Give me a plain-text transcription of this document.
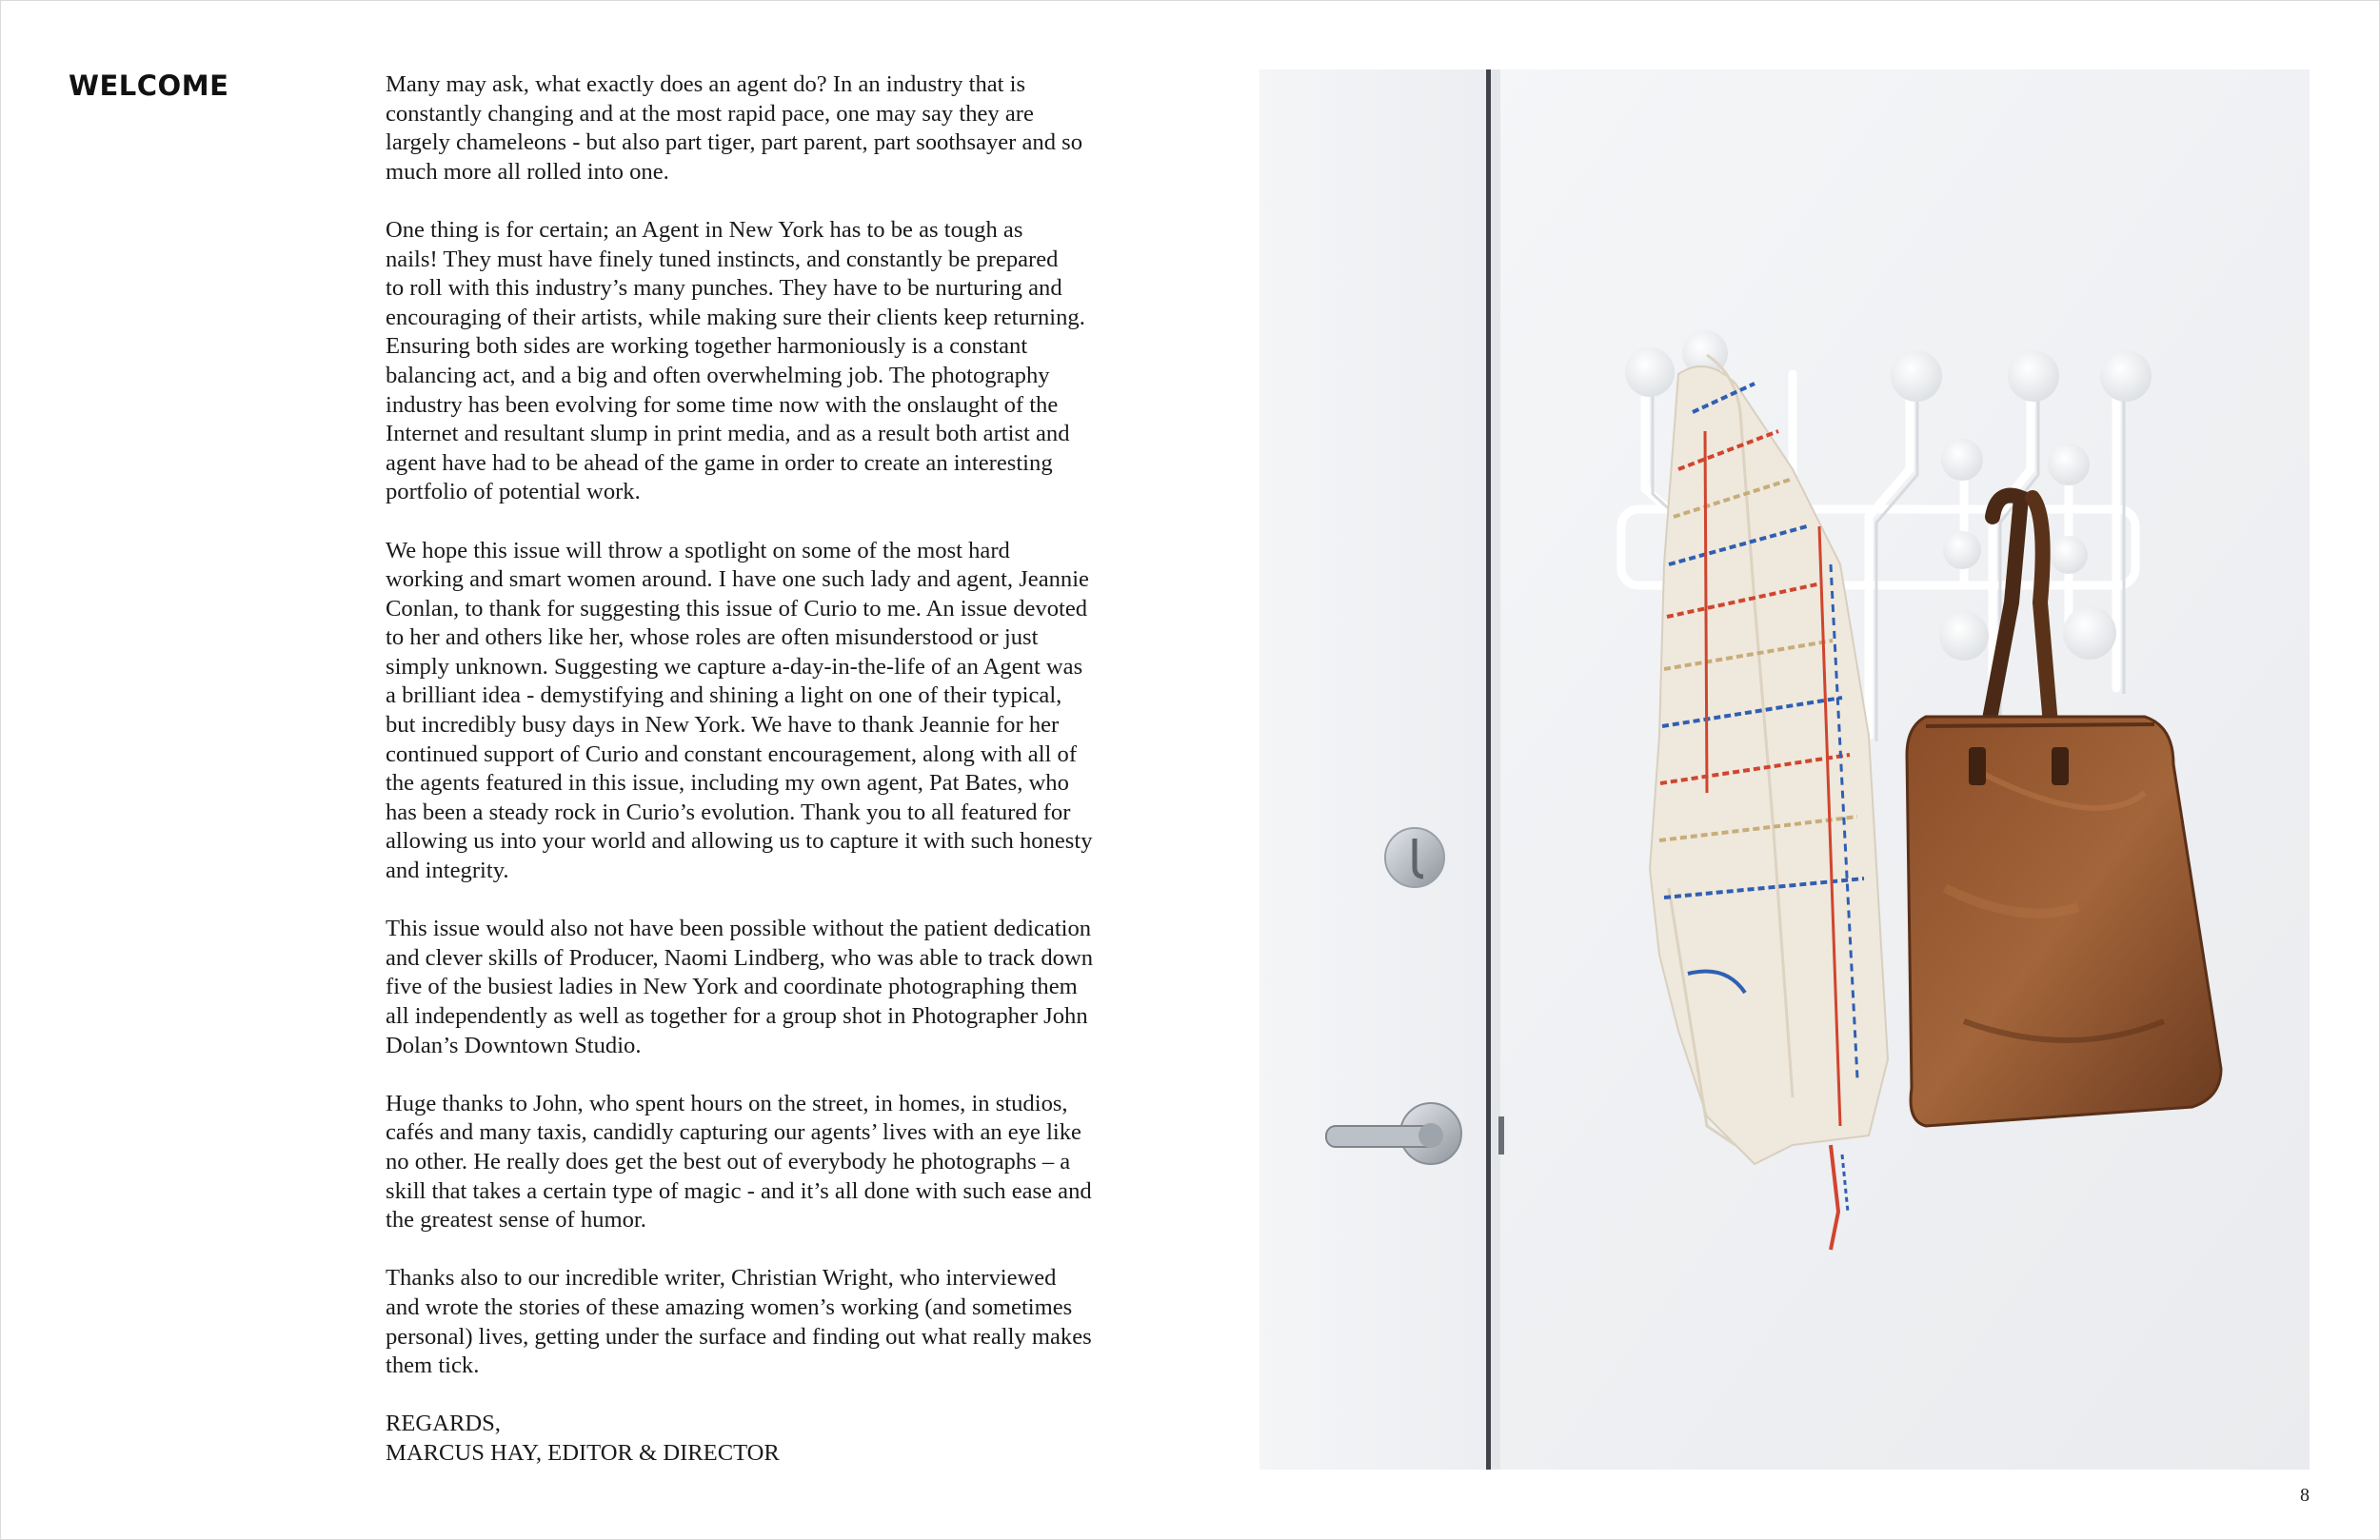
WELCOME	Many may ask, what exactly does an agent do? In an industry that is
constantly changing and at the most rapid pace, one may say they are
largely chameleons - but also part tiger, part parent, part soothsayer and so
much more all rolled into one.

One thing is for certain; an Agent in New York has to be as tough as
nails! They must have finely tuned instincts, and constantly be prepared
to roll with this industry’s many punches. They have to be nurturing and
encouraging of their artists, while making sure their clients keep returning.
Ensuring both sides are working together harmoniously is a constant
balancing act, and a big and often overwhelming job. The photography
industry has been evolving for some time now with the onslaught of the
Internet and resultant slump in print media, and as a result both artist and
agent have had to be ahead of the game in order to create an interesting
portfolio of potential work.

We hope this issue will throw a spotlight on some of the most hard
working and smart women around. I have one such lady and agent, Jeannie
Conlan, to thank for suggesting this issue of Curio to me. An issue devoted
to her and others like her, whose roles are often misunderstood or just
simply unknown. Suggesting we capture a-day-in-the-life of an Agent was
a brilliant idea - demystifying and shining a light on one of their typical,
but incredibly busy days in New York. We have to thank Jeannie for her
continued support of Curio and constant encouragement, along with all of
the agents featured in this issue, including my own agent, Pat Bates, who
has been a steady rock in Curio’s evolution. Thank you to all featured for
allowing us into your world and allowing us to capture it with such honesty
and integrity.

This issue would also not have been possible without the patient dedication
and clever skills of Producer, Naomi Lindberg, who was able to track down
five of the busiest ladies in New York and coordinate photographing them
all independently as well as together for a group shot in Photographer John
Dolan’s Downtown Studio.

Huge thanks to John, who spent hours on the street, in homes, in studios,
cafés and many taxis, candidly capturing our agents’ lives with an eye like
no other. He really does get the best out of everybody he photographs – a
skill that takes a certain type of magic - and it’s all done with such ease and
the greatest sense of humor.

Thanks also to our incredible writer, Christian Wright, who interviewed
and wrote the stories of these amazing women’s working (and sometimes
personal) lives, getting under the surface and finding out what really makes
them tick.

REGARDS,
MARCUS HAY, EDITOR & DIRECTOR

8
